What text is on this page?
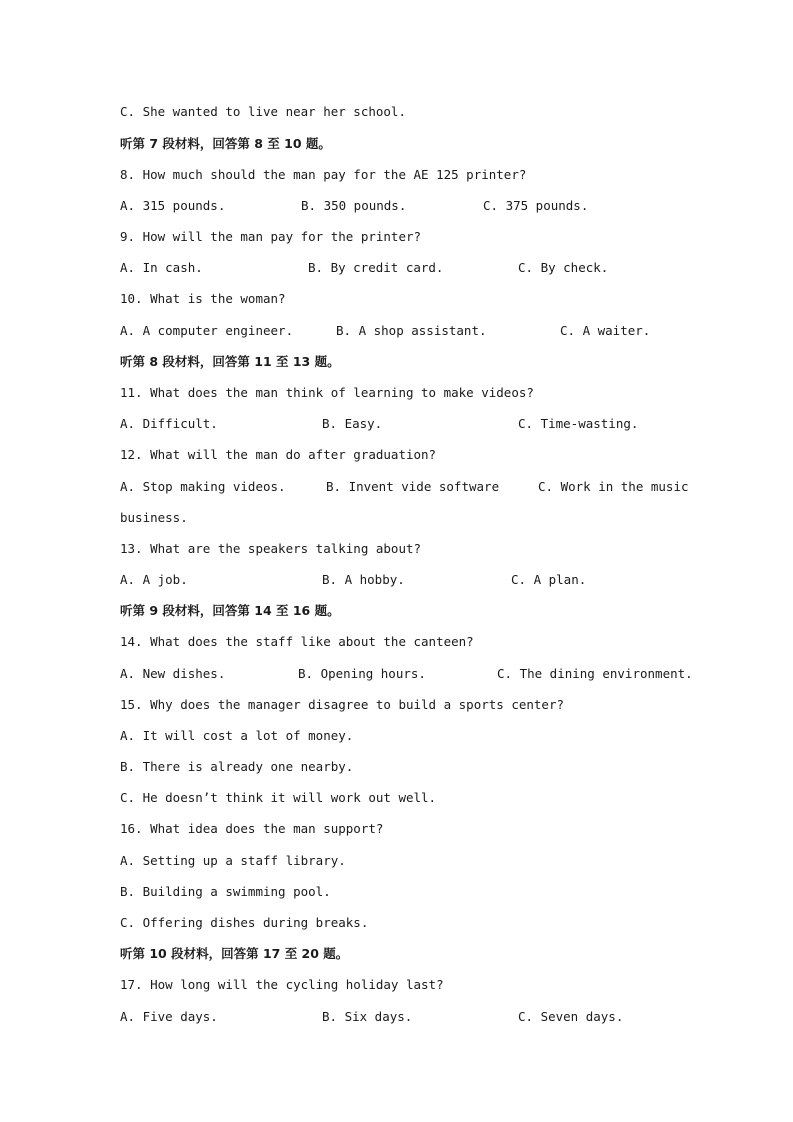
C. She wanted to live near her school.
听第 7 段材料，回答第 8 至 10 题。
8. How much should the man pay for the AE 125 printer?
A. 315 pounds.	B. 350 pounds.	C. 375 pounds.
9. How will the man pay for the printer?
A. In cash.	B. By credit card.	C. By check.
10. What is the woman?
A. A computer engineer.	B. A shop assistant.	C. A waiter.
听第 8 段材料，回答第 11 至 13 题。
11. What does the man think of learning to make videos?
A. Difficult.	B. Easy.	C. Time-wasting.
12. What will the man do after graduation?
A. Stop making videos.	B. Invent vide software	C. Work in the music
business.
13. What are the speakers talking about?
A. A job.	B. A hobby.	C. A plan.
听第 9 段材料，回答第 14 至 16 题。
14. What does the staff like about the canteen?
A. New dishes.	B. Opening hours.	C. The dining environment.
15. Why does the manager disagree to build a sports center?
A. It will cost a lot of money.
B. There is already one nearby.
C. He doesn’t think it will work out well.
16. What idea does the man support?
A. Setting up a staff library.
B. Building a swimming pool.
C. Offering dishes during breaks.
听第 10 段材料，回答第 17 至 20 题。
17. How long will the cycling holiday last?
A. Five days.	B. Six days.	C. Seven days.
